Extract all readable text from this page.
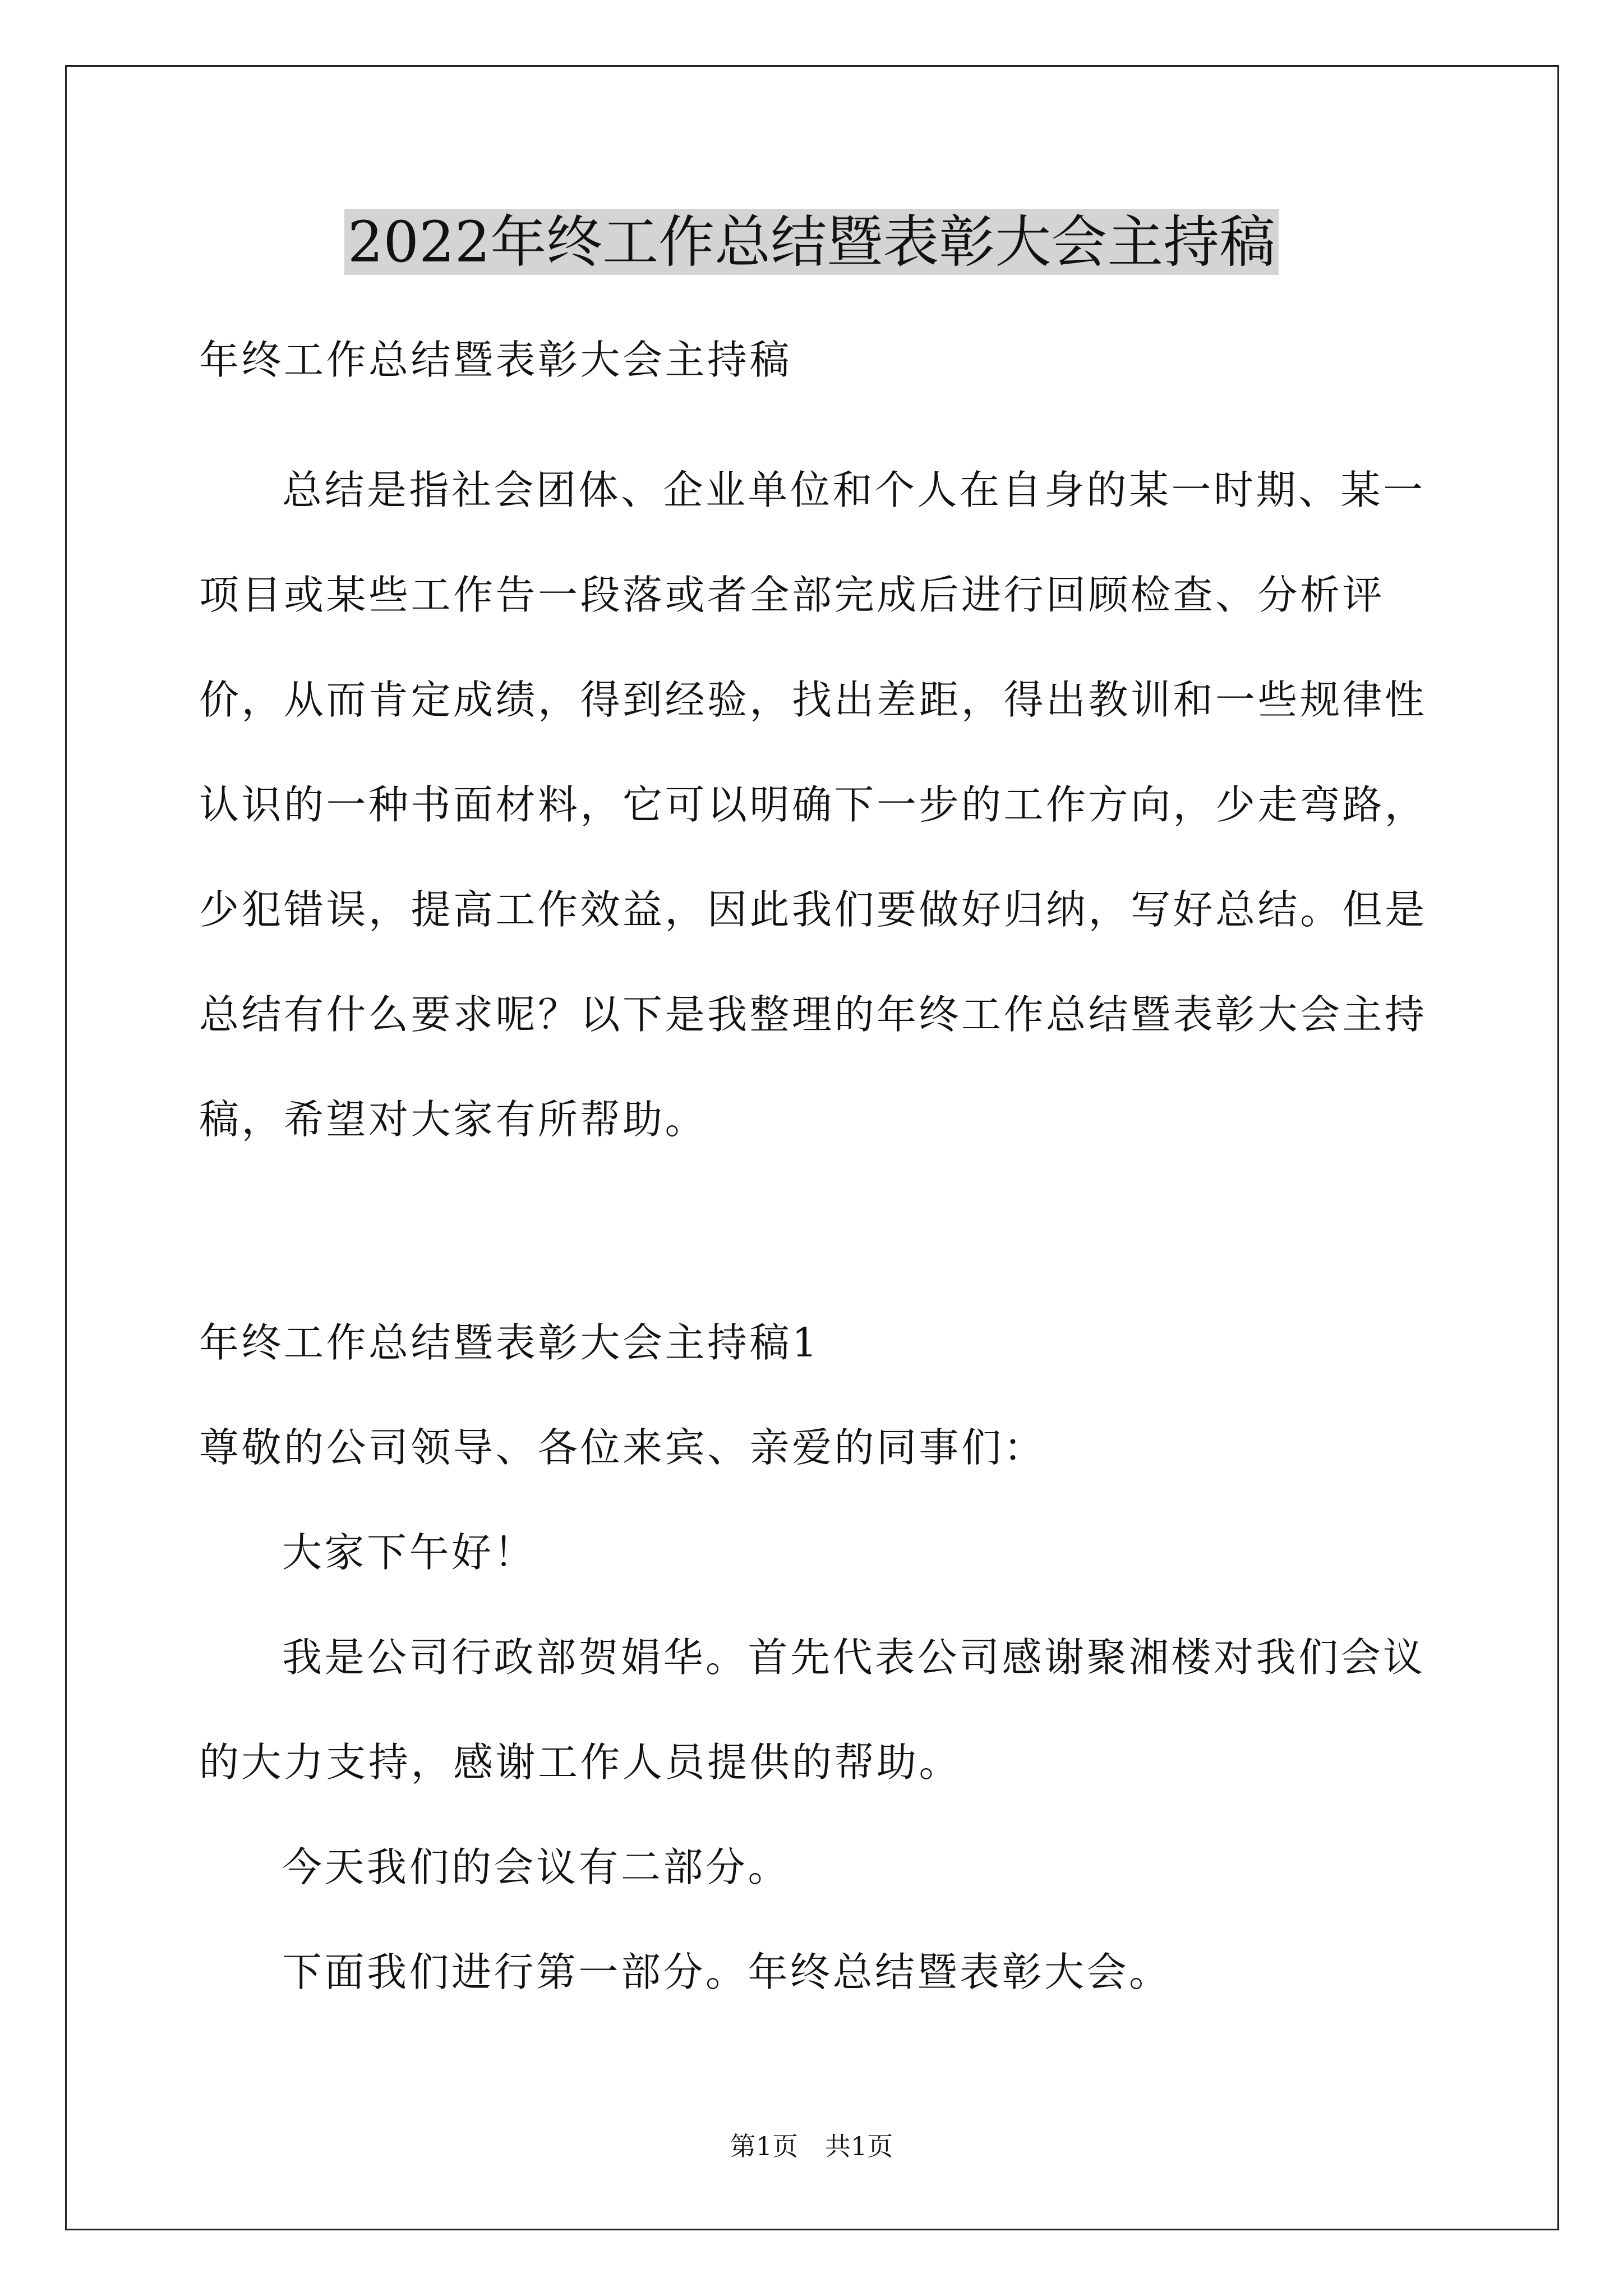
2022年终工作总结暨表彰大会主持稿

年终工作总结暨表彰大会主持稿

总结是指社会团体、企业单位和个人在自身的某一时期、某一项目或某些工作告一段落或者全部完成后进行回顾检查、分析评价，从而肯定成绩，得到经验，找出差距，得出教训和一些规律性认识的一种书面材料，它可以明确下一步的工作方向，少走弯路，少犯错误，提高工作效益，因此我们要做好归纳，写好总结。但是总结有什么要求呢？以下是我整理的年终工作总结暨表彰大会主持稿，希望对大家有所帮助。

年终工作总结暨表彰大会主持稿1

尊敬的公司领导、各位来宾、亲爱的同事们：

大家下午好！

我是公司行政部贺娟华。首先代表公司感谢聚湘楼对我们会议的大力支持，感谢工作人员提供的帮助。

今天我们的会议有二部分。

下面我们进行第一部分。年终总结暨表彰大会。

第1页 共1页
